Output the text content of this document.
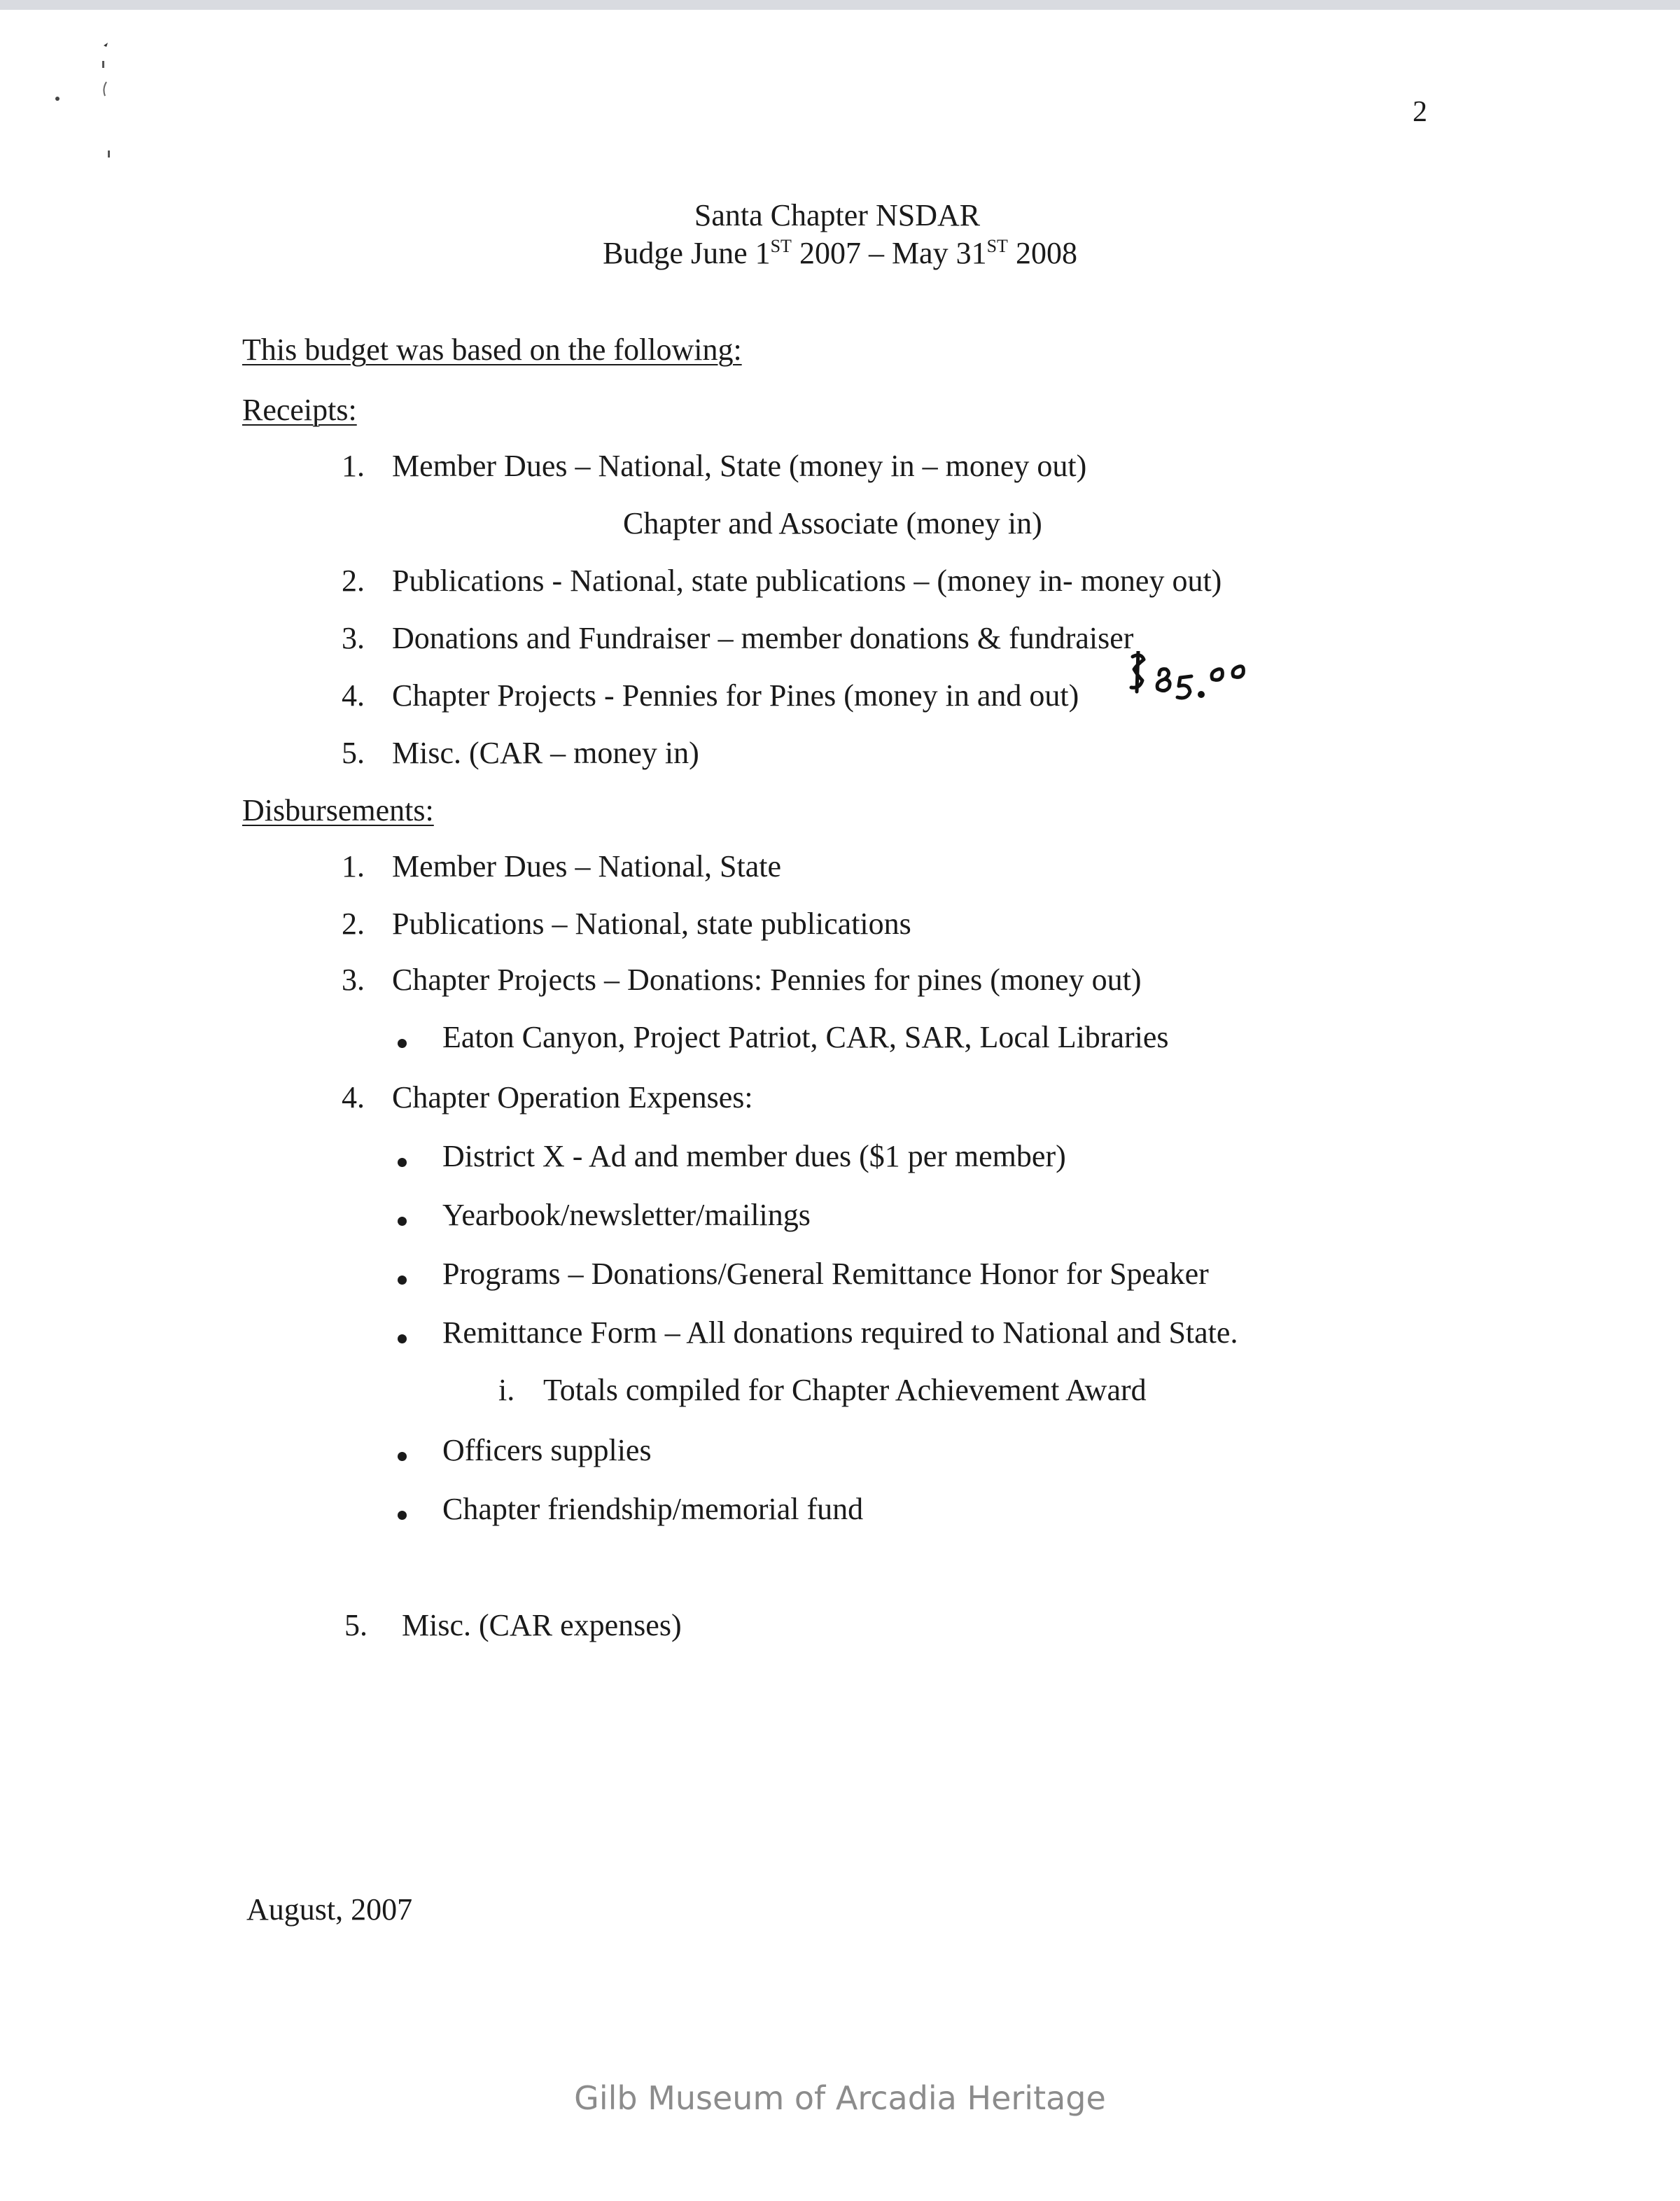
2
Santa Chapter NSDAR
Budge June 1ST 2007 – May 31ST 2008
This budget was based on the following:
Receipts:
1. Member Dues – National, State (money in – money out)
Chapter and Associate (money in)
2. Publications - National, state publications – (money in- money out)
3. Donations and Fundraiser – member donations & fundraiser
4. Chapter Projects - Pennies for Pines (money in and out)
5. Misc. (CAR – money in)
Disbursements:
1. Member Dues – National, State
2. Publications – National, state publications
3. Chapter Projects – Donations: Pennies for pines (money out)
Eaton Canyon, Project Patriot, CAR, SAR, Local Libraries
4. Chapter Operation Expenses:
District X - Ad and member dues ($1 per member)
Yearbook/newsletter/mailings
Programs – Donations/General Remittance Honor for Speaker
Remittance Form – All donations required to National and State.
i. Totals compiled for Chapter Achievement Award
Officers supplies
Chapter friendship/memorial fund
5. Misc. (CAR expenses)
August, 2007
Gilb Museum of Arcadia Heritage
